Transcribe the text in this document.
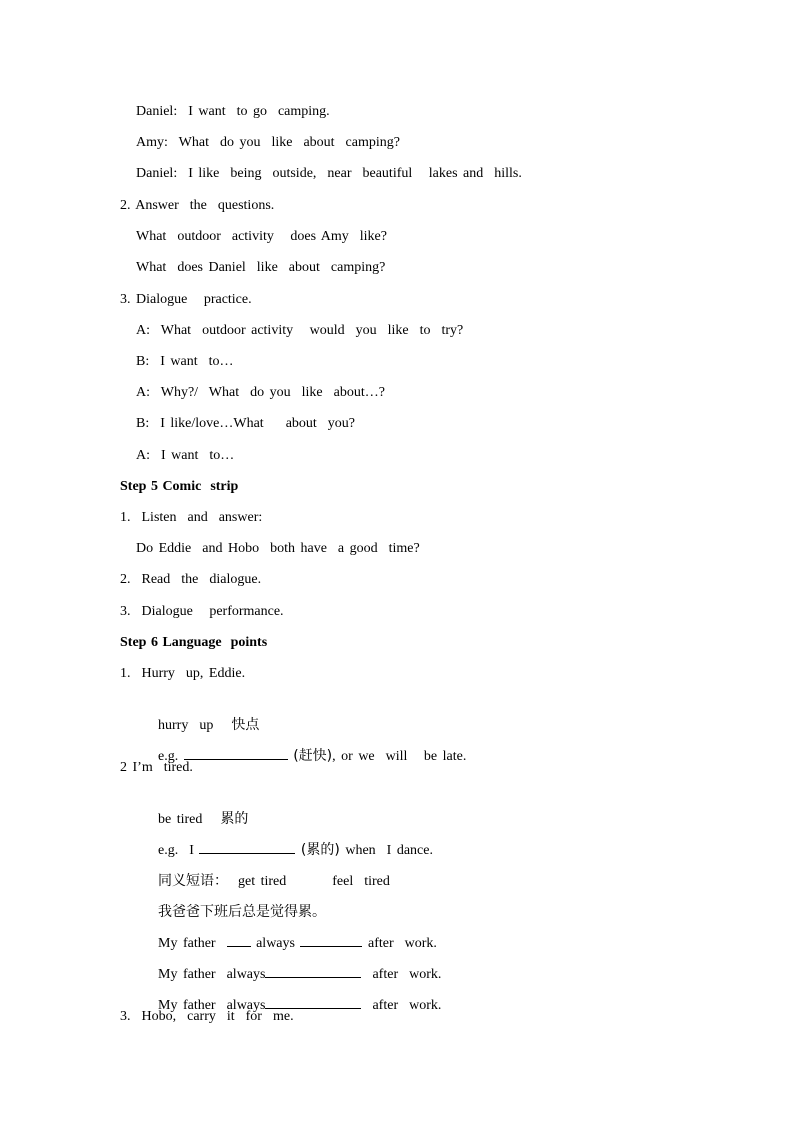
Daniel:  I want  to go  camping.
Amy:  What  do you  like  about  camping?
Daniel:  I like  being  outside,  near  beautiful   lakes and  hills.
2. Answer  the  questions.
What  outdoor  activity   does Amy  like?
What  does Daniel  like  about  camping?
3. Dialogue   practice.
A:  What  outdoor activity   would  you  like  to  try?
B:  I want  to…
A:  Why?/  What  do you  like  about…?
B:  I like/love…What    about  you?
A:  I want  to…
Step 5 Comic  strip
1.  Listen  and  answer:
Do Eddie  and Hobo  both have  a good  time?
2.  Read  the  dialogue.
3.  Dialogue   performance.
Step 6 Language  points
1.  Hurry  up, Eddie.

hurry  up 快点

e.g.	(赶快), or we  will   be late.

2 I’m  tired.

be tired 累的

e.g.  I	(累的) when  I dance.

同义短语： get tired	feel  tired

我爸爸下班后总是觉得累。

My father	always	after  work.

My father  always	after  work.

My father  always	after  work.

3.  Hobo,  carry  it  for  me.
